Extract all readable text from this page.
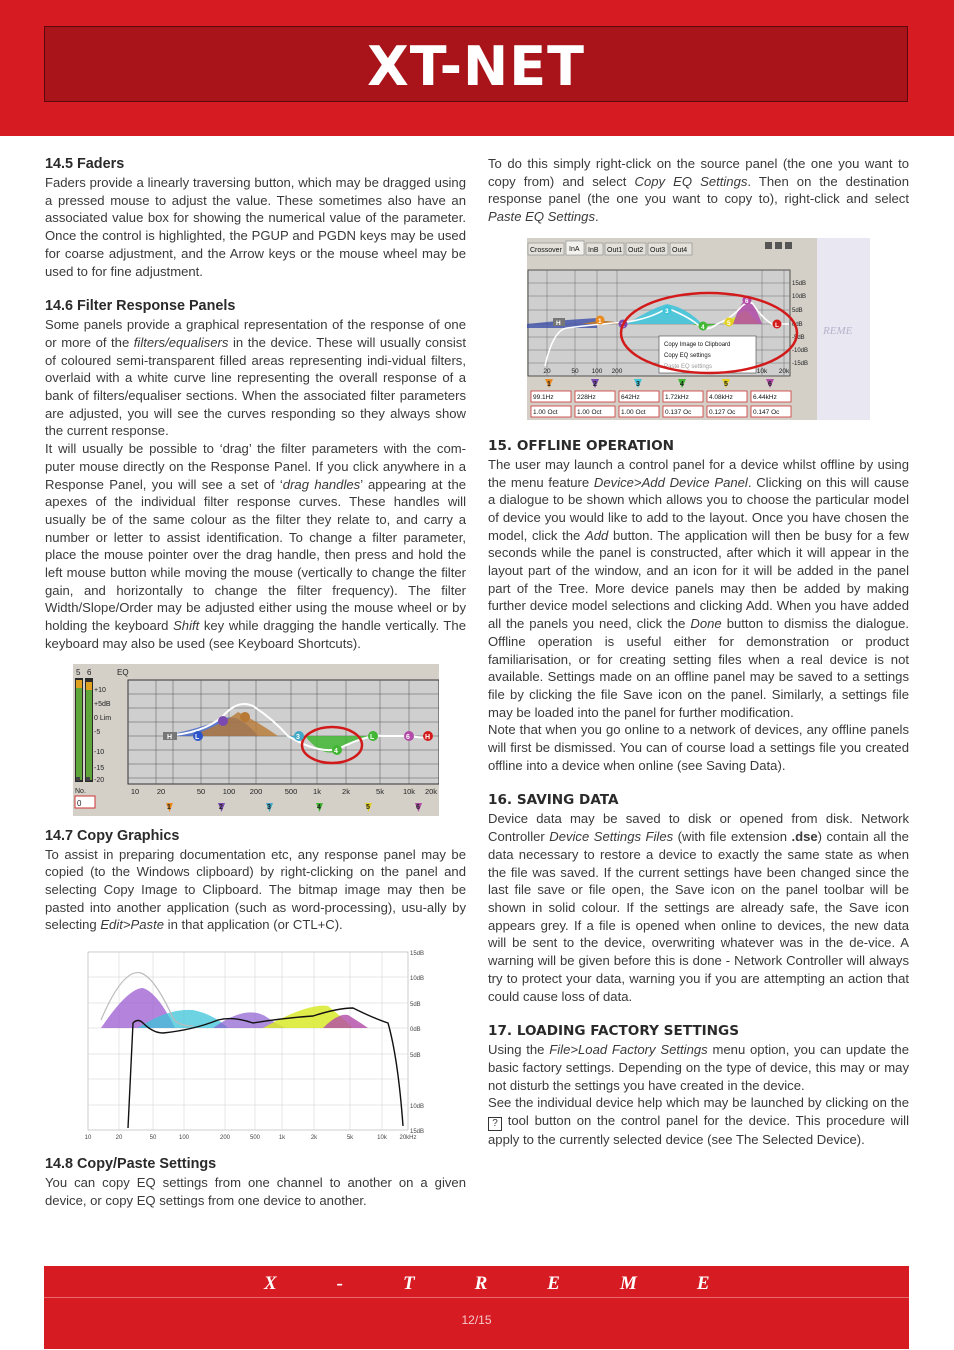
XT-NET
14.5 Faders

Faders provide a linearly traversing button, which may be dragged using a pressed mouse to adjust the value. These sometimes also have an associated value box for showing the numerical value of the parameter. Once the control is highlighted, the PGUP and PGDN keys may be used for coarse adjustment, and the Arrow keys or the mouse wheel may be used to for fine adjustment.

14.6 Filter Response Panels

Some panels provide a graphical representation of the response of one or more of the filters/equalisers in the device. These will usually consist of coloured semi-transparent filled areas representing indi-vidual filters, overlaid with a white curve line representing the overall response of a bank of filters/equaliser sections. When the associated filter parameters are adjusted, you will see the curves responding so they always show the current response.

It will usually be possible to ‘drag’ the filter parameters with the com-puter mouse directly on the Response Panel. If you click anywhere in a Response Panel, you will see a set of ‘drag handles’ appearing at the apexes of the individual filter response curves. These handles will usually be of the same colour as the filter they relate to, and carry a number or letter to assist identification. To change a filter parameter, place the mouse pointer over the drag handle, then press and hold the left mouse button while moving the mouse (vertically to change the filter gain, and horizontally to change the filter frequency). The filter Width/Slope/Order may be adjusted either using the mouse wheel or by holding the keyboard Shift key while dragging the handle vertically. The keyboard may also be used (see Keyboard Shortcuts).

5 6	EQ
+10
+5dB
0 Lim
-5
-10
-15
-20
No.
0
H	L	3
4
L	6 H
10 20	50 100 200	500 1k	2k	5k	10k 20k
1	2	3	4	5	6
14.7 Copy Graphics

To assist in preparing documentation etc, any response panel may be copied (to the Windows clipboard) by right-clicking on the panel and selecting Copy Image to Clipboard. The bitmap image may then be pasted into another application (such as word-processing), usu-ally by selecting Edit>Paste in that application (or CTL+C).

15dB
10dB
5dB
0dB
5dB
10dB
15dB
10	20	50	100	200	500	1k	2k	5k	10k 20kHz
14.8 Copy/Paste Settings

You can copy EQ settings from one channel to another on a given device, or copy EQ settings from one device to another.

To do this simply right-click on the source panel (the one you want to copy from) and select Copy EQ Settings. Then on the destination response panel (the one you want to copy to), right-click and select Paste EQ Settings.

REME
Crossover InA InB Out1 Out2 Out3 Out4
H	1
2
3
4
5
6
L
15dB
10dB
5dB
0dB
-5dB
-10dB
-15dB
20	50 100 200	10k 20k
Copy Image to Clipboard
Copy EQ settings
Paste EQ settings
1	2	3	4	5	6
99.1Hz	228Hz	642Hz	1.72kHz	4.08kHz	6.44kHz
1.00 Oct	1.00 Oct	1.00 Oct	0.137 Oc	0.127 Oc	0.147 Oc
15. OFFLINE OPERATION

The user may launch a control panel for a device whilst offline by using the menu feature Device>Add Device Panel. Clicking on this will cause a dialogue to be shown which allows you to choose the particular model of device you would like to add to the layout. Once you have chosen the model, click the Add button. The application will then be busy for a few seconds while the panel is constructed, after which it will appear in the layout part of the window, and an icon for it will be added in the panel part of the Tree. More device panels may then be added by making further device model selections and clicking Add. When you have added all the panels you need, click the Done button to dismiss the dialogue. Offline operation is useful either for demonstration or product familiarisation, or for creating setting files when a real device is not available. Settings made on an offline panel may be saved to a settings file by clicking the file Save icon on the panel. Similarly, a settings file may be loaded into the panel for further modification.

Note that when you go online to a network of devices, any offline panels will first be dismissed. You can of course load a settings file you created offline into a device when online (see Saving Data).

16. SAVING DATA

Device data may be saved to disk or opened from disk. Network Controller Device Settings Files (with file extension .dse) contain all the data necessary to restore a device to exactly the same state as when the file was saved. If the current settings have been changed since the last file save or file open, the Save icon on the panel toolbar will be shown in solid colour. If the settings are already safe, the Save icon appears grey. If a file is opened when online to devices, the new data will be sent to the device, overwriting whatever was in the de-vice. A warning will be given before this is done - Network Controller will always try to protect your data, warning you if you are attempting an action that could cause loss of data.

17. LOADING FACTORY SETTINGS

Using the File>Load Factory Settings menu option, you can update the basic factory settings. Depending on the type of device, this may or may not disturb the settings you have created in the device.

See the individual device help which may be launched by clicking on the ? tool button on the control panel for the device. This procedure will apply to the currently selected device (see The Selected Device).

X-TREME
12/15
